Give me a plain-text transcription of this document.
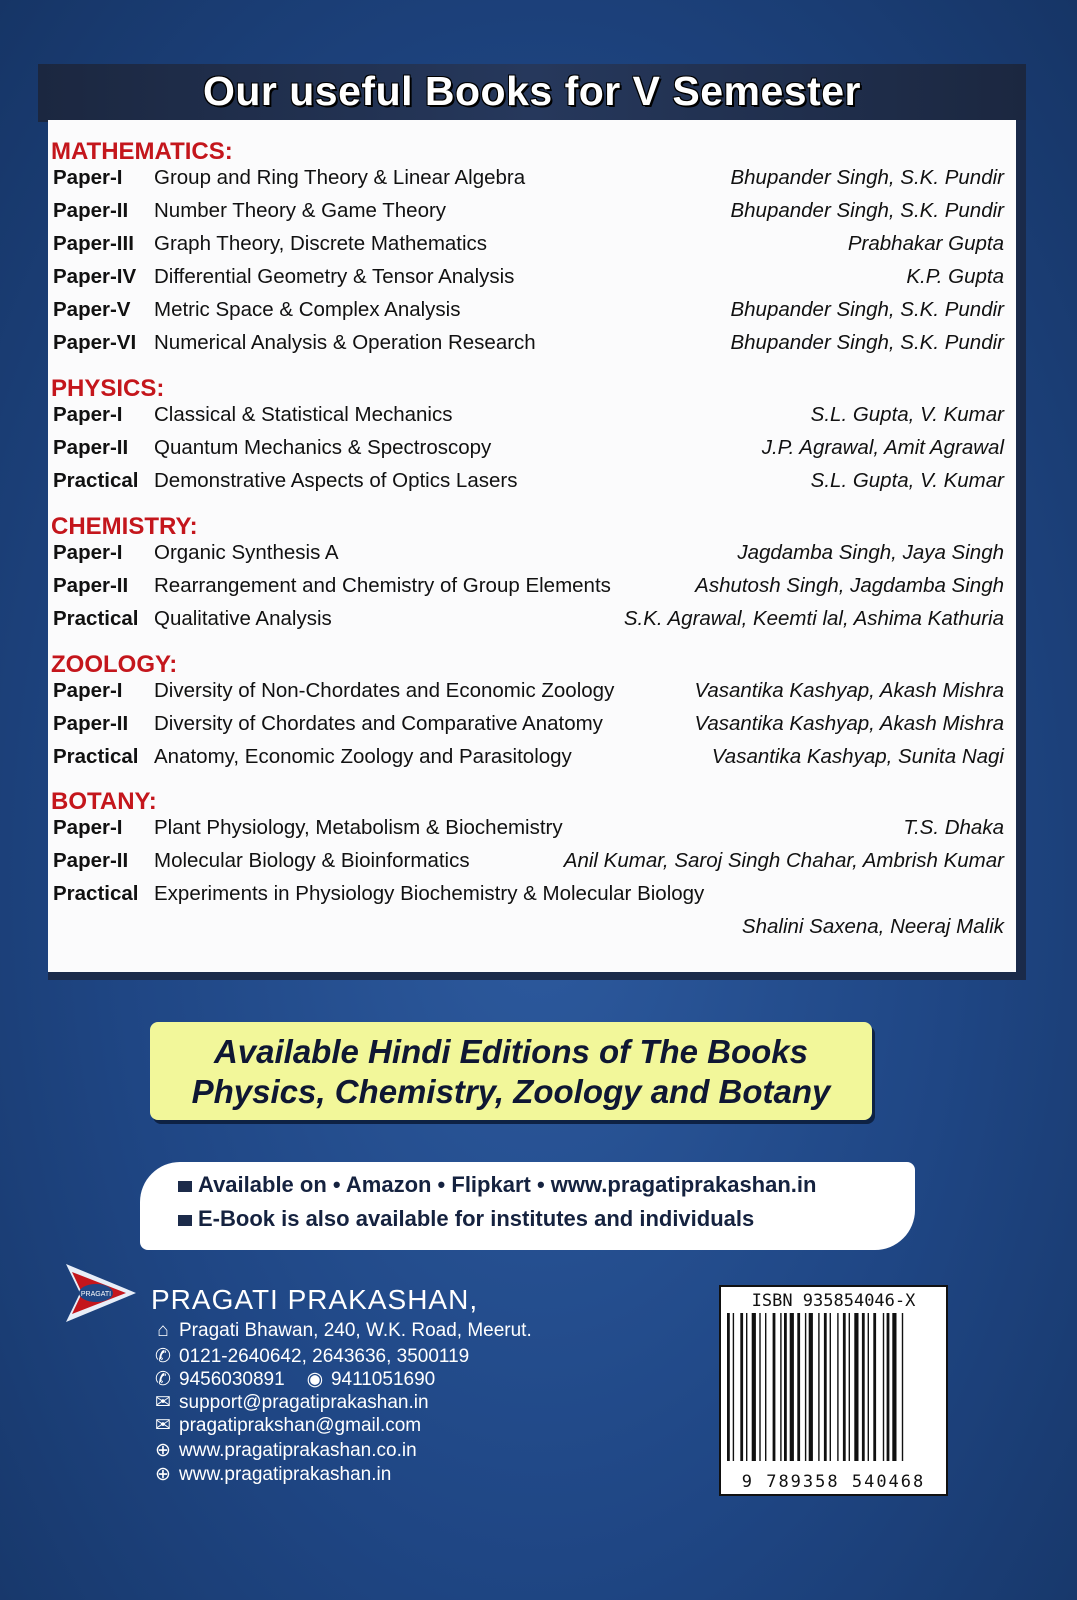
Our useful Books for V Semester
MATHEMATICS:
Paper-I Group and Ring Theory & Linear Algebra	Bhupander Singh, S.K. Pundir
Paper-II Number Theory & Game Theory	Bhupander Singh, S.K. Pundir
Paper-III Graph Theory, Discrete Mathematics	Prabhakar Gupta
Paper-IV Differential Geometry & Tensor Analysis	K.P. Gupta
Paper-V Metric Space & Complex Analysis	Bhupander Singh, S.K. Pundir
Paper-VI Numerical Analysis & Operation Research	Bhupander Singh, S.K. Pundir
PHYSICS:
Paper-I Classical & Statistical Mechanics	S.L. Gupta, V. Kumar
Paper-II Quantum Mechanics & Spectroscopy	J.P. Agrawal, Amit Agrawal
Practical Demonstrative Aspects of Optics Lasers	S.L. Gupta, V. Kumar
CHEMISTRY:
Paper-I Organic Synthesis A	Jagdamba Singh, Jaya Singh
Paper-II Rearrangement and Chemistry of Group Elements	Ashutosh Singh, Jagdamba Singh
Practical Qualitative Analysis	S.K. Agrawal, Keemti lal, Ashima Kathuria
ZOOLOGY:
Paper-I Diversity of Non-Chordates and Economic Zoology	Vasantika Kashyap, Akash Mishra
Paper-II Diversity of Chordates and Comparative Anatomy	Vasantika Kashyap, Akash Mishra
Practical Anatomy, Economic Zoology and Parasitology	Vasantika Kashyap, Sunita Nagi
BOTANY:
Paper-I Plant Physiology, Metabolism & Biochemistry	T.S. Dhaka
Paper-II Molecular Biology & Bioinformatics	Anil Kumar, Saroj Singh Chahar, Ambrish Kumar
Practical Experiments in Physiology Biochemistry & Molecular Biology
Shalini Saxena, Neeraj Malik
Available Hindi Editions of The Books
Physics, Chemistry, Zoology and Botany
Available on • Amazon • Flipkart • www.pragatiprakashan.in
E-Book is also available for institutes and individuals
PRAGATI PRAGATI PRAKASHAN,
⌂ Pragati Bhawan, 240, W.K. Road, Meerut.
✆ 0121-2640642, 2643636, 3500119
✆ 9456030891 ◉ 9411051690
✉ support@pragatiprakashan.in
✉ pragatiprakshan@gmail.com
⊕ www.pragatiprakashan.co.in
⊕ www.pragatiprakashan.in
ISBN 935854046-X
9 789358 540468
